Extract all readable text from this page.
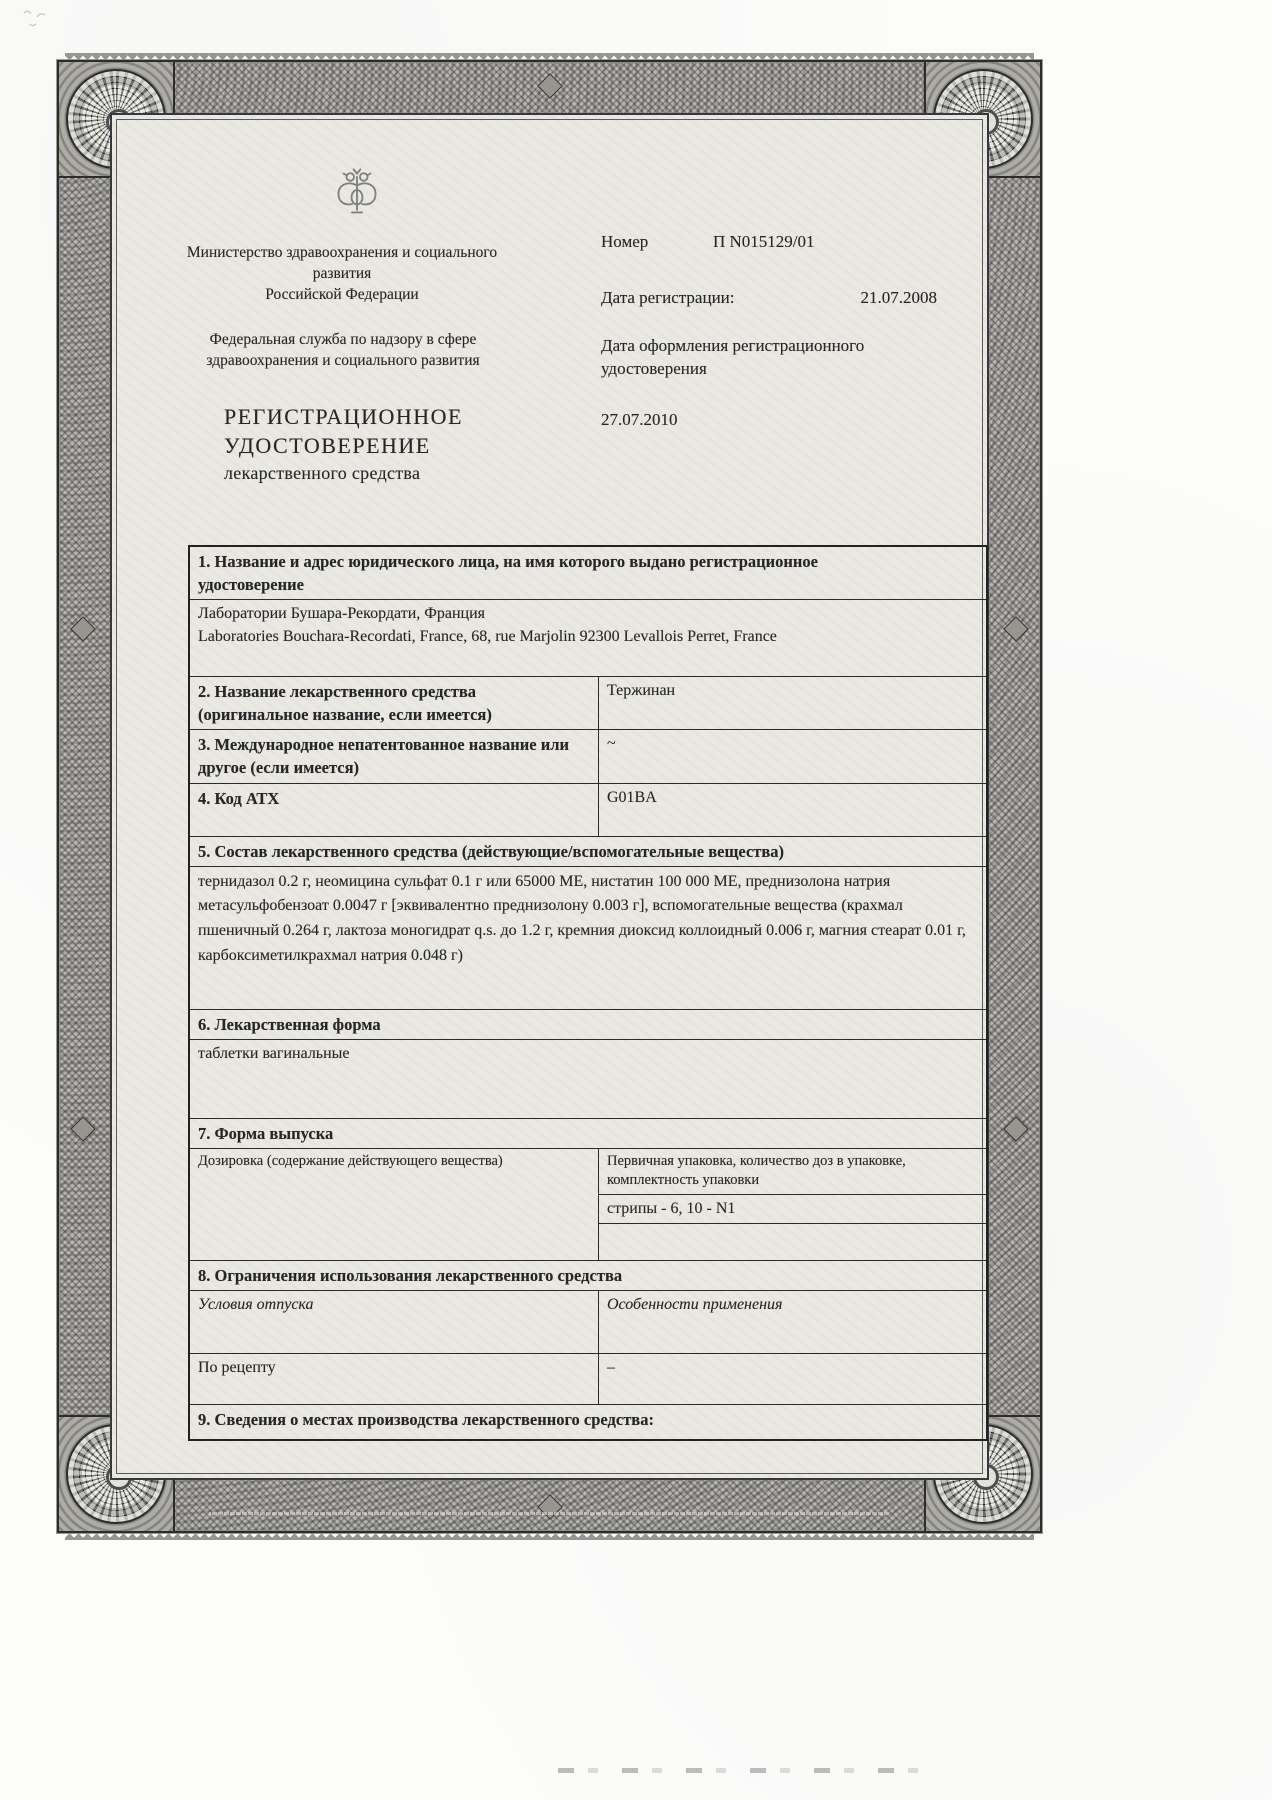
Министерство здравоохранения и социального развития
Российской Федерации
Федеральная служба по надзору в сфере здравоохранения и социального развития
РЕГИСТРАЦИОННОЕ
УДОСТОВЕРЕНИЕ
лекарственного средства
Номер	П N015129/01
Дата регистрации:	21.07.2008
Дата оформления регистрационного удостоверения
27.07.2010
1. Название и адрес юридического лица, на имя которого выдано регистрационное удостоверение	

Лаборатории Бушара-Рекордати, Франция
Laboratories Bouchara-Recordati, France, 68, rue Marjolin 92300 Levallois Perret, France	

2. Название лекарственного средства (оригинальное название, если имеется)	Тержинан
3. Международное непатентованное название или другое (если имеется)	~
4. Код АТХ	G01BA
5. Состав лекарственного средства (действующие/вспомогательные вещества)	
тернидазол 0.2 г, неомицина сульфат 0.1 г или 65000 ME, нистатин 100 000 ME, преднизолона натрия метасульфобензоат 0.0047 г [эквивалентно преднизолону 0.003 г], вспомогательные вещества (крахмал пшеничный 0.264 г, лактоза моногидрат q.s. до 1.2 г, кремния диоксид коллоидный 0.006 г, магния стеарат 0.01 г, карбоксиметилкрахмал натрия 0.048 г)	
6. Лекарственная форма	
таблетки вагинальные	
7. Форма выпуска	
Дозировка (содержание действующего вещества)	Первичная упаковка, количество доз в упаковке, комплектность упаковки
	стрипы - 6, 10 - N1

8. Ограничения использования лекарственного средства	
Условия отпуска	Особенности применения
По рецепту	–
9. Сведения о местах производства лекарственного средства:	
